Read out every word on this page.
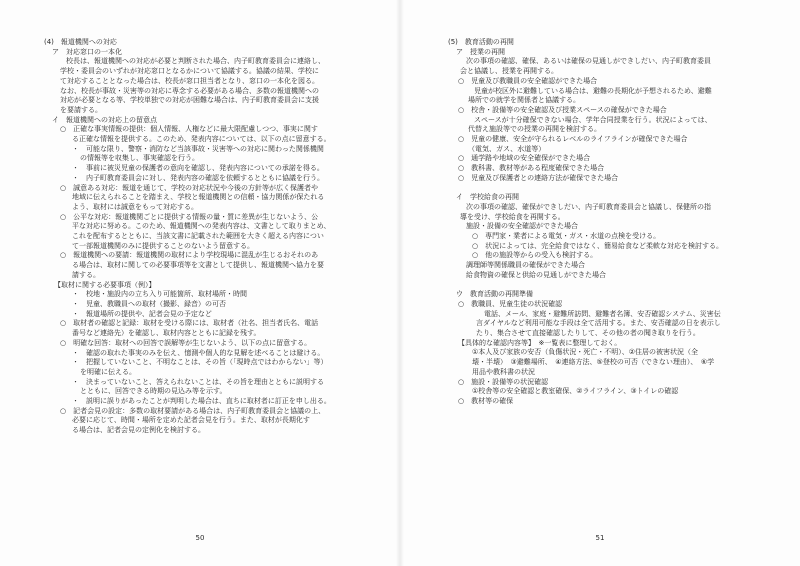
(4)　報道機関への対応
ア　対応窓口の一本化
校長は、報道機関への対応が必要と判断された場合、内子町教育委員会に連絡し、
学校・委員会のいずれが対応窓口となるかについて協議する。協議の結果、学校に
て対応することとなった場合は、校長が窓口担当者となり、窓口の一本化を図る。
なお、校長が事故・災害等の対応に専念する必要がある場合、多数の報道機関への
対応が必要となる等、学校単独での対応が困難な場合は、内子町教育委員会に支援
を要請する。
イ　報道機関への対応上の留意点
○　正確な事実情報の提供：個人情報、人権などに最大限配慮しつつ、事実に関す
る正確な情報を提供する。このため、発表内容については、以下の点に留意する。
・　可能な限り、警察・消防など当該事故・災害等への対応に関わった関係機関
の情報等を収集し、事実確認を行う。
・　事前に被災児童の保護者の意向を確認し、発表内容についての承諾を得る。
・　内子町教育委員会に対し、発表内容の確認を依頼するとともに協議を行う。
○　誠意ある対応：報道を通じて、学校の対応状況や今後の方針等が広く保護者や
地域に伝えられることを踏まえ、学校と報道機関との信頼・協力関係が保たれる
よう、取材には誠意をもって対応する。
○　公平な対応：報道機関ごとに提供する情報の量・質に差異が生じないよう、公
平な対応に努める。このため、報道機関への発表内容は、文書として取りまとめ、
これを配布するとともに、当該文書に記載された範囲を大きく超える内容につい
て一部報道機関のみに提供することのないよう留意する。
○　報道機関への要請：報道機関の取材により学校現場に混乱が生じるおそれのあ
る場合は、取材に関しての必要事項等を文書として提供し、報道機関へ協力を要
請する。
【取材に関する必要事項（例）】
・　校地・施設内の立ち入り可能箇所、取材場所・時間
・　児童、教職員への取材（撮影、録音）の可否
・　報道場所の提供や、記者会見の予定など
○　取材者の確認と記録：取材を受ける際には、取材者（社名、担当者氏名、電話
番号など連絡先）を確認し、取材内容とともに記録を残す。
○　明確な回答：取材への回答で誤解等が生じないよう、以下の点に留意する。
・　確認の取れた事実のみを伝え、憶測や個人的な見解を述べることは避ける。
・　把握していないこと、不明なことは、その旨（「現時点ではわからない」等）
を明確に伝える。
・　決まっていないこと、答えられないことは、その旨を理由とともに説明する
とともに、回答できる時期の見込み等を示す。
・　説明に誤りがあったことが判明した場合は、直ちに取材者に訂正を申し出る。
○　記者会見の設定：多数の取材要請がある場合は、内子町教育委員会と協議の上、
必要に応じて、時間・場所を定めた記者会見を行う。また、取材が長期化す
る場合は、記者会見の定例化を検討する。
50
(5)　教育活動の再開
ア　授業の再開
次の事項の確認、確保、あるいは確保の見通しができしだい、内子町教育委員
会と協議し、授業を再開する。
○　児童及び教職員の安全確認ができた場合
児童が校区外に避難している場合は、避難の長期化が予想されるため、避難
場所での就学を関係者と協議する。
○　校舎・設備等の安全確認及び授業スペースの確保ができた場合
スペースが十分確保できない場合、学年合同授業を行う。状況によっては、
代替え施設等での授業の再開を検討する。
○　児童の健康、安全が守られるレベルのライフラインが確保できた場合
（電気、ガス、水道等）
○　通学路や地域の安全確保ができた場合
○　教科書、教材等がある程度確保できた場合
○　児童及び保護者との連絡方法が確保できた場合
イ　学校給食の再開
次の事項の確認、確保ができしだい、内子町教育委員会と協議し、保健所の指
導を受け、学校給食を再開する。
施設・設備の安全確認ができた場合
○　専門家・業者による電気・ガス・水道の点検を受ける。
○　状況によっては、完全給食ではなく、簡易給食など柔軟な対応を検討する。
○　他の施設等からの受入も検討する。
調理師等関係職員の確保ができた場合
給食物資の確保と供給の見通しができた場合
ウ　教育活動の再開準備
○　教職員、児童生徒の状況確認
電話、メール、家庭・避難所訪問、避難者名簿、安否確認システム、災害伝
言ダイヤルなど利用可能な手段は全て活用する。また、安否確認の日を表示し
たり、集合させて直接確認したりして、その他の者の聞き取りを行う。
【具体的な確認内容等】　※一覧表に整理しておく。
①本人及び家族の安否（負傷状況・死亡・不明）、②住居の被害状況（全
壊・半壊）　③避難場所、　④連絡方法、⑤登校の可否（できない理由）、　⑥学
用品や教科書の状況
○　施設・設備等の状況確認
①校舎等の安全確認と教室確保、②ライフライン、③トイレの確認
○　教材等の確保
51
